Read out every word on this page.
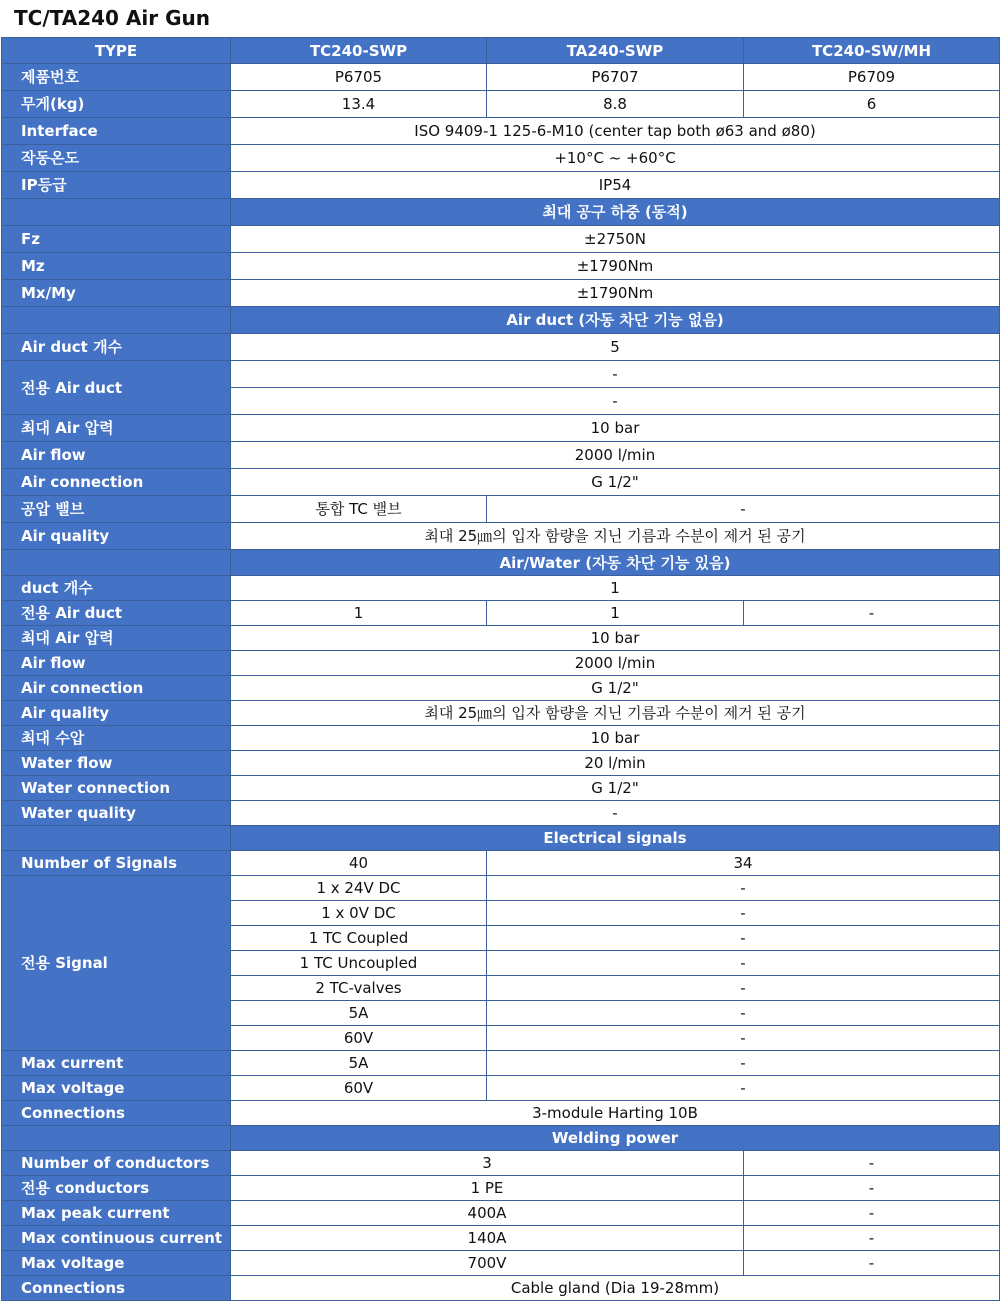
TC/TA240 Air Gun
TYPE	TC240-SWP	TA240-SWP	TC240-SW/MH
제품번호	P6705	P6707	P6709
무게(kg)	13.4	8.8	6
Interface	ISO 9409-1 125-6-M10 (center tap both ø63 and ø80)		
작동온도	+10°C ~ +60°C		
IP등급	IP54		
	최대 공구 하중 (동적)		
Fz	±2750N		
Mz	±1790Nm		
Mx/My	±1790Nm		
	Air duct (자동 차단 기능 없음)		
Air duct 개수	5		
전용 Air duct	-		
	-		
최대 Air 압력	10 bar		
Air flow	2000 l/min		
Air connection	G 1/2"		
공압 밸브	통합 TC 밸브	-	
Air quality	최대 25㎛의 입자 함량을 지닌 기름과 수분이 제거 된 공기		
	Air/Water (자동 차단 기능 있음)		
duct 개수	1		
전용 Air duct	1	1	-
최대 Air 압력	10 bar		
Air flow	2000 l/min		
Air connection	G 1/2"		
Air quality	최대 25㎛의 입자 함량을 지닌 기름과 수분이 제거 된 공기		
최대 수압	10 bar		
Water flow	20 l/min		
Water connection	G 1/2"		
Water quality	-		
	Electrical signals		
Number of Signals	40	34	
전용 Signal	1 x 24V DC	-	
	1 x 0V DC	-	
	1 TC Coupled	-	
	1 TC Uncoupled	-	
	2 TC-valves	-	
	5A	-	
	60V	-	
Max current	5A	-	
Max voltage	60V	-	
Connections	3-module Harting 10B		
	Welding power		
Number of conductors	3		-
전용 conductors	1 PE		-
Max peak current	400A		-
Max continuous current	140A		-
Max voltage	700V		-
Connections	Cable gland (Dia 19-28mm)		
